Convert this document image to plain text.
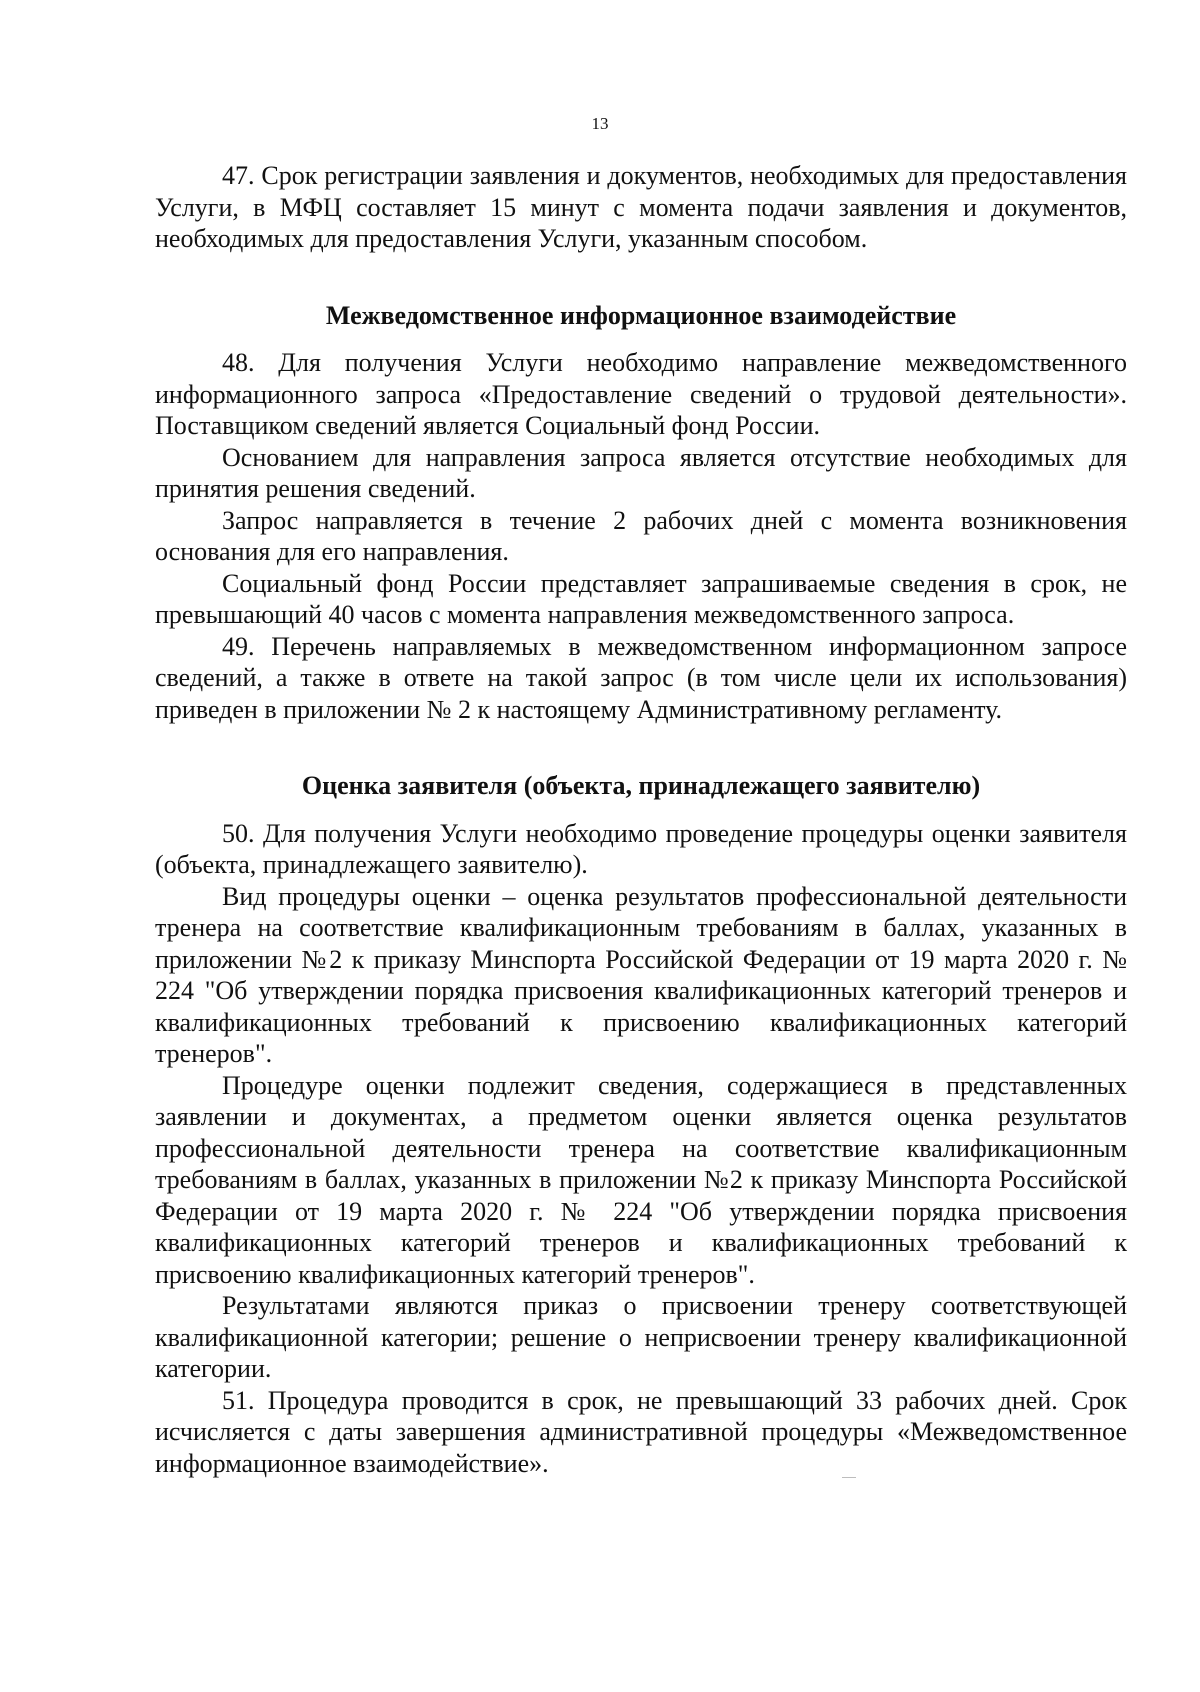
13

47. Срок регистрации заявления и документов, необходимых для предоставления Услуги, в МФЦ составляет 15 минут с момента подачи заявления и документов, необходимых для предоставления Услуги, указанным способом.

Межведомственное информационное взаимодействие

48. Для получения Услуги необходимо направление межведомственного информационного запроса «Предоставление сведений о трудовой деятельности». Поставщиком сведений является Социальный фонд России.

Основанием для направления запроса является отсутствие необходимых для принятия решения сведений.

Запрос направляется в течение 2 рабочих дней с момента возникновения основания для его направления.

Социальный фонд России представляет запрашиваемые сведения в срок, не превышающий 40 часов с момента направления межведомственного запроса.

49. Перечень направляемых в межведомственном информационном запросе сведений, а также в ответе на такой запрос (в том числе цели их использования) приведен в приложении № 2 к настоящему Административному регламенту.

Оценка заявителя (объекта, принадлежащего заявителю)

50. Для получения Услуги необходимо проведение процедуры оценки заявителя (объекта, принадлежащего заявителю).

Вид процедуры оценки – оценка результатов профессиональной деятельности тренера на соответствие квалификационным требованиям в баллах, указанных в приложении №2 к приказу Минспорта Российской Федерации от 19 марта 2020 г. № 224 "Об утверждении порядка присвоения квалификационных категорий тренеров и квалификационных требований к присвоению квалификационных категорий тренеров".

Процедуре оценки подлежит сведения, содержащиеся в представленных заявлении и документах, а предметом оценки является оценка результатов профессиональной деятельности тренера на соответствие квалификационным требованиям в баллах, указанных в приложении №2 к приказу Минспорта Российской Федерации от 19 марта 2020 г. № 224 "Об утверждении порядка присвоения квалификационных категорий тренеров и квалификационных требований к присвоению квалификационных категорий тренеров".

Результатами являются приказ о присвоении тренеру соответствующей квалификационной категории; решение о неприсвоении тренеру квалификационной категории.

51. Процедура проводится в срок, не превышающий 33 рабочих дней. Срок исчисляется с даты завершения административной процедуры «Межведомственное информационное взаимодействие».
